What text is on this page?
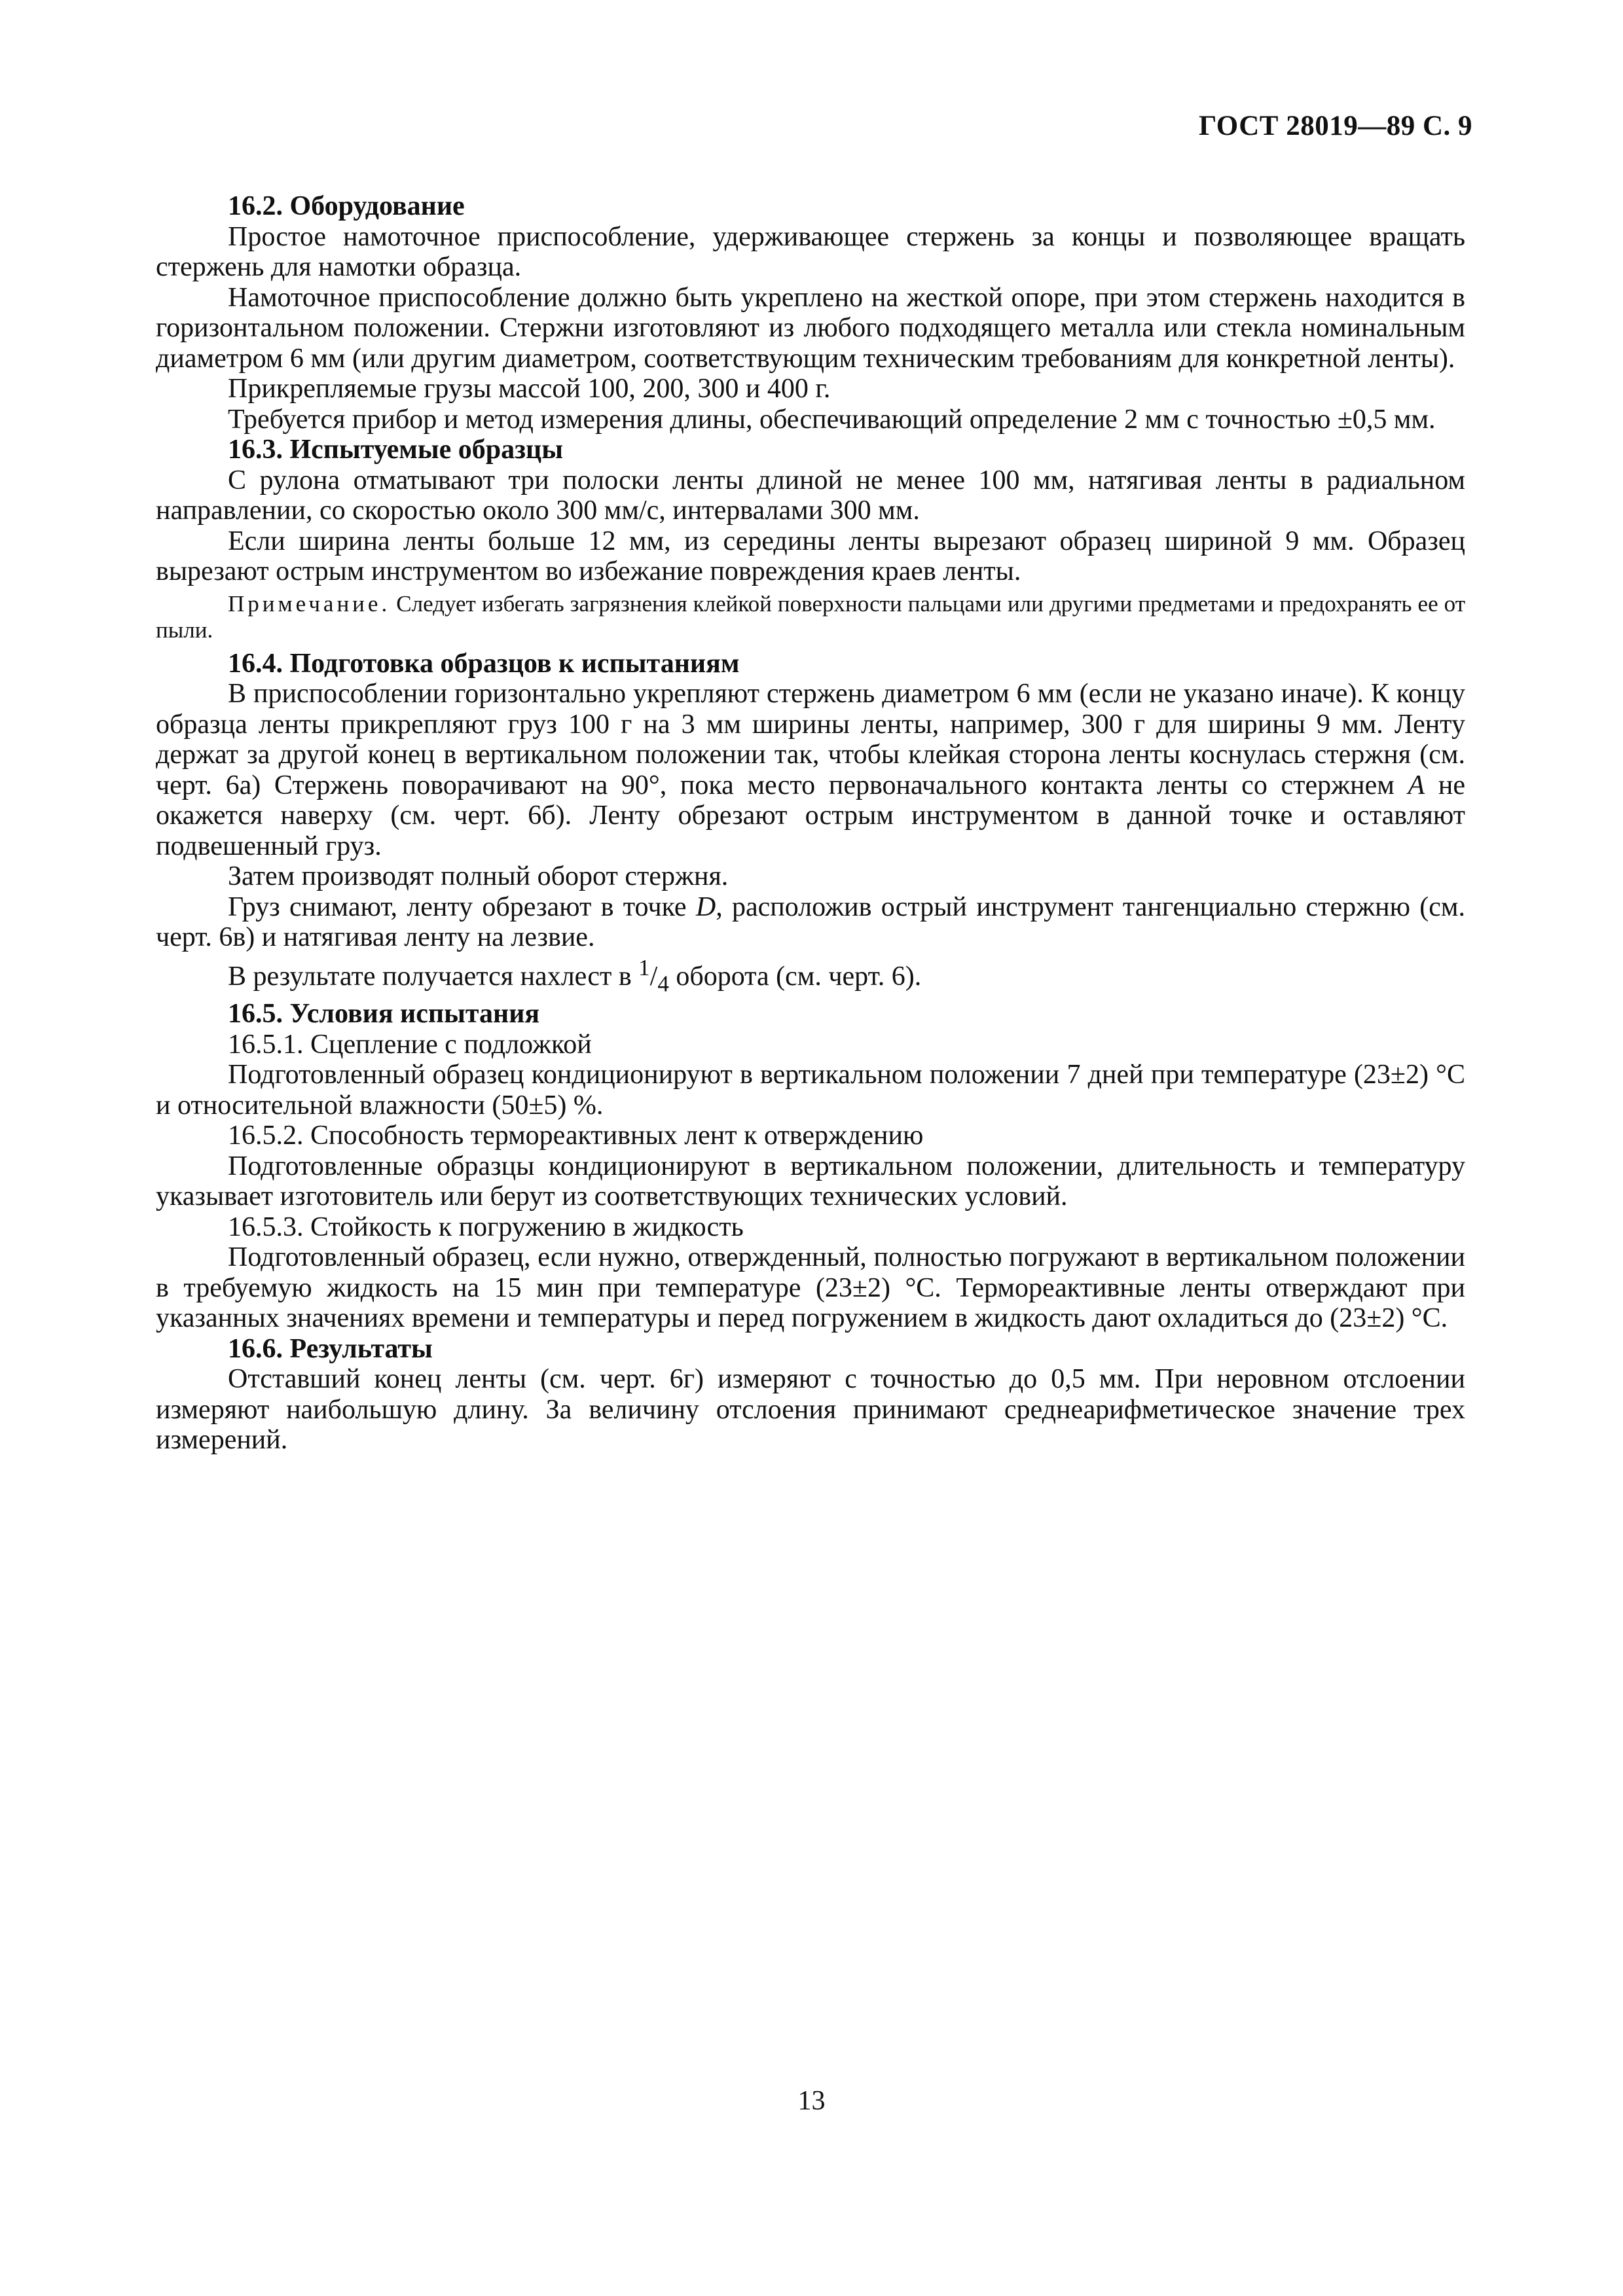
ГОСТ 28019—89 С. 9

16.2. Оборудование

Простое намоточное приспособление, удерживающее стержень за концы и позволяющее вращать стержень для намотки образца.

Намоточное приспособление должно быть укреплено на жесткой опоре, при этом стержень находится в горизонтальном положении. Стержни изготовляют из любого подходящего металла или стекла номинальным диаметром 6 мм (или другим диаметром, соответствующим техническим требованиям для конкретной ленты).

Прикрепляемые грузы массой 100, 200, 300 и 400 г.

Требуется прибор и метод измерения длины, обеспечивающий определение 2 мм с точностью ±0,5 мм.

16.3. Испытуемые образцы

С рулона отматывают три полоски ленты длиной не менее 100 мм, натягивая ленты в радиальном направлении, со скоростью около 300 мм/с, интервалами 300 мм.

Если ширина ленты больше 12 мм, из середины ленты вырезают образец шириной 9 мм. Образец вырезают острым инструментом во избежание повреждения краев ленты.

Примечание. Следует избегать загрязнения клейкой поверхности пальцами или другими предметами и предохранять ее от пыли.

16.4. Подготовка образцов к испытаниям

В приспособлении горизонтально укрепляют стержень диаметром 6 мм (если не указано иначе). К концу образца ленты прикрепляют груз 100 г на 3 мм ширины ленты, например, 300 г для ширины 9 мм. Ленту держат за другой конец в вертикальном положении так, чтобы клейкая сторона ленты коснулась стержня (см. черт. 6а) Стержень поворачивают на 90°, пока место первоначального контакта ленты со стержнем А не окажется наверху (см. черт. 6б). Ленту обрезают острым инструментом в данной точке и оставляют подвешенный груз.

Затем производят полный оборот стержня.

Груз снимают, ленту обрезают в точке D, расположив острый инструмент тангенциально стержню (см. черт. 6в) и натягивая ленту на лезвие.

В результате получается нахлест в $^1/_4$ оборота (см. черт. 6).

16.5. Условия испытания

16.5.1. Сцепление с подложкой

Подготовленный образец кондиционируют в вертикальном положении 7 дней при температуре (23±2) °С и относительной влажности (50±5) %.

16.5.2. Способность термореактивных лент к отверждению

Подготовленные образцы кондиционируют в вертикальном положении, длительность и температуру указывает изготовитель или берут из соответствующих технических условий.

16.5.3. Стойкость к погружению в жидкость

Подготовленный образец, если нужно, отвержденный, полностью погружают в вертикальном положении в требуемую жидкость на 15 мин при температуре (23±2) °С. Термореактивные ленты отверждают при указанных значениях времени и температуры и перед погружением в жидкость дают охладиться до (23±2) °С.

16.6. Результаты

Отставший конец ленты (см. черт. 6г) измеряют с точностью до 0,5 мм. При неровном отслоении измеряют наибольшую длину. За величину отслоения принимают среднеарифметическое значение трех измерений.

13
